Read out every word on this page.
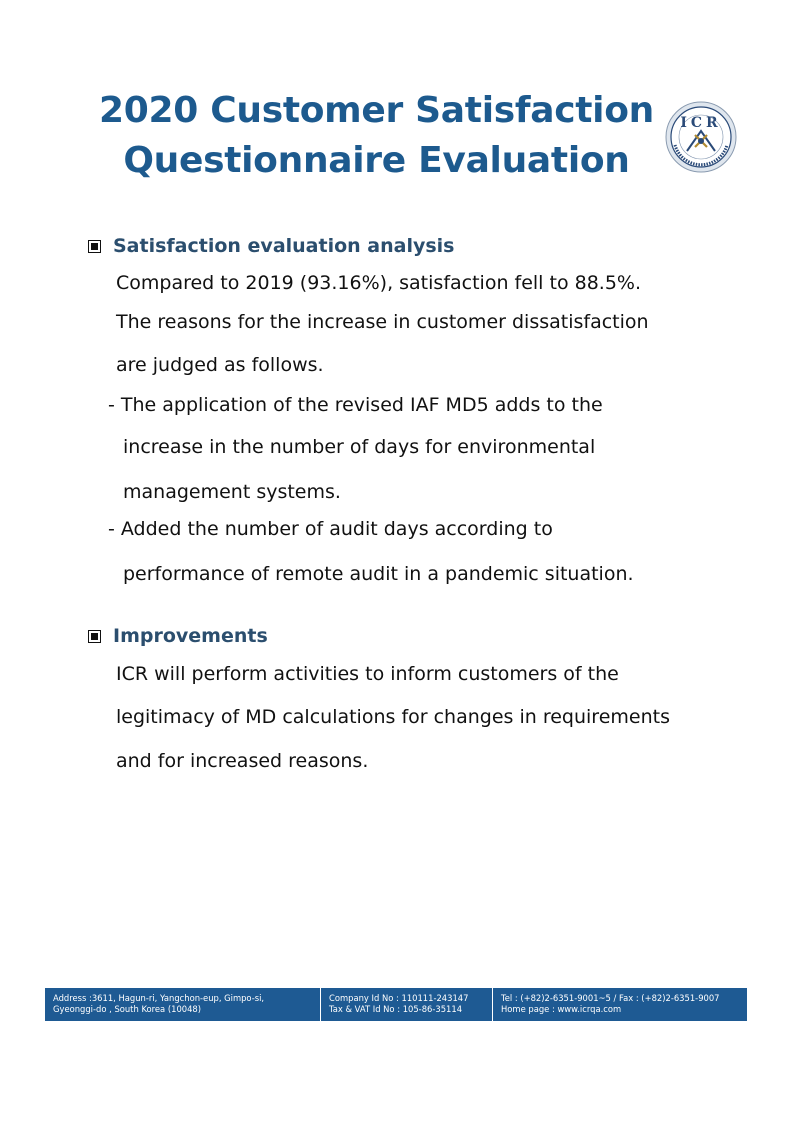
2020 Customer Satisfaction
Questionnaire Evaluation
ICR
Satisfaction evaluation analysis
Compared to 2019 (93.16%), satisfaction fell to 88.5%.
The reasons for the increase in customer dissatisfaction
are judged as follows.
- The application of the revised IAF MD5 adds to the
increase in the number of days for environmental
management systems.
- Added the number of audit days according to
performance of remote audit in a pandemic situation.
Improvements
ICR will perform activities to inform customers of the
legitimacy of MD calculations for changes in requirements
and for increased reasons.
Address :3611, Hagun-ri, Yangchon-eup, Gimpo-si,
Gyeonggi-do , South Korea (10048)
Company Id No : 110111-243147
Tax & VAT Id No : 105-86-35114
Tel : (+82)2-6351-9001~5 / Fax : (+82)2-6351-9007
Home page : www.icrqa.com
